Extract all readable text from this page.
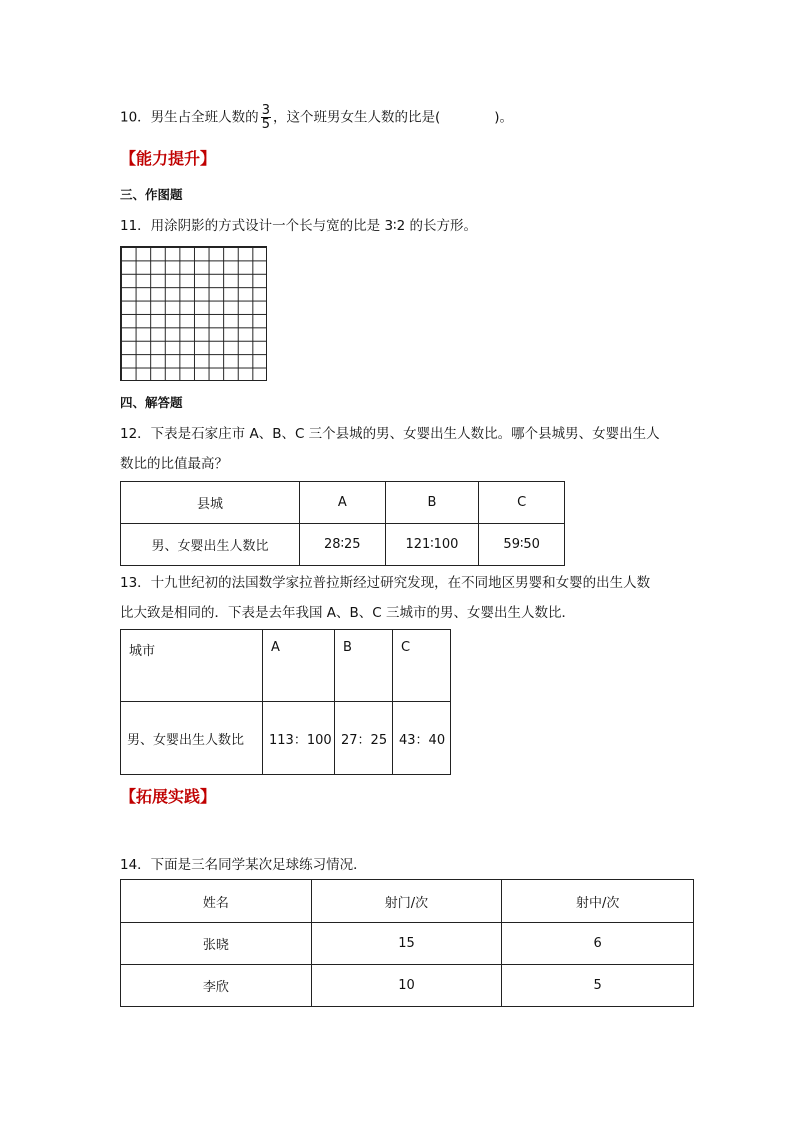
10．男生占全班人数的 $\frac{3}{5}$ ，这个班男女生人数的比是(　　　　)。
【能力提升】
三、作图题
11．用涂阴影的方式设计一个长与宽的比是 3∶2 的长方形。
四、解答题
12．下表是石家庄市 A、B、C 三个县城的男、女婴出生人数比。哪个县城男、女婴出生人
数比的比值最高？
县城	A	B	C
男、女婴出生人数比	28∶25	121∶100	59∶50
13．十九世纪初的法国数学家拉普拉斯经过研究发现，在不同地区男婴和女婴的出生人数
比大致是相同的．下表是去年我国 A、B、C 三城市的男、女婴出生人数比．
城市	A	B	C
男、女婴出生人数比	113：100	27：25	43：40
【拓展实践】
14．下面是三名同学某次足球练习情况．
姓名	射门/次	射中/次
张晓	15	6
李欣	10	5
